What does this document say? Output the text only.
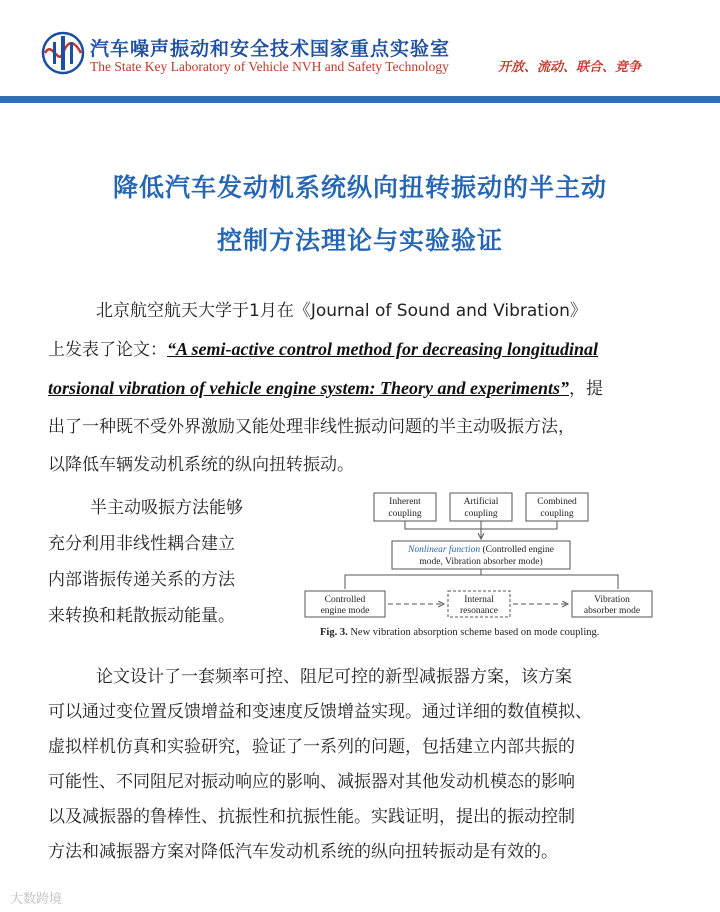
汽车噪声振动和安全技术国家重点实验室
The State Key Laboratory of Vehicle NVH and Safety Technology	开放、流动、联合、竞争
降低汽车发动机系统纵向扭转振动的半主动
控制方法理论与实验验证
北京航空航天大学于1月在《Journal of Sound and Vibration》
上发表了论文：“A semi-active control method for decreasing longitudinal
torsional vibration of vehicle engine system: Theory and experiments”，提
出了一种既不受外界激励又能处理非线性振动问题的半主动吸振方法，
以降低车辆发动机系统的纵向扭转振动。
半主动吸振方法能够
充分利用非线性耦合建立
内部谐振传递关系的方法
来转换和耗散振动能量。
Inherent
coupling
Artificial
coupling
Combined
coupling
Nonlinear function (Controlled engine
mode, Vibration absorber mode)
Controlled
engine mode
Internal
resonance
Vibration
absorber mode
Fig. 3. New vibration absorption scheme based on mode coupling.
论文设计了一套频率可控、阻尼可控的新型减振器方案，该方案
可以通过变位置反馈增益和变速度反馈增益实现。通过详细的数值模拟、
虚拟样机仿真和实验研究，验证了一系列的问题，包括建立内部共振的
可能性、不同阻尼对振动响应的影响、减振器对其他发动机模态的影响
以及减振器的鲁棒性、抗振性和抗振性能。实践证明，提出的振动控制
方法和减振器方案对降低汽车发动机系统的纵向扭转振动是有效的。
大数跨境
